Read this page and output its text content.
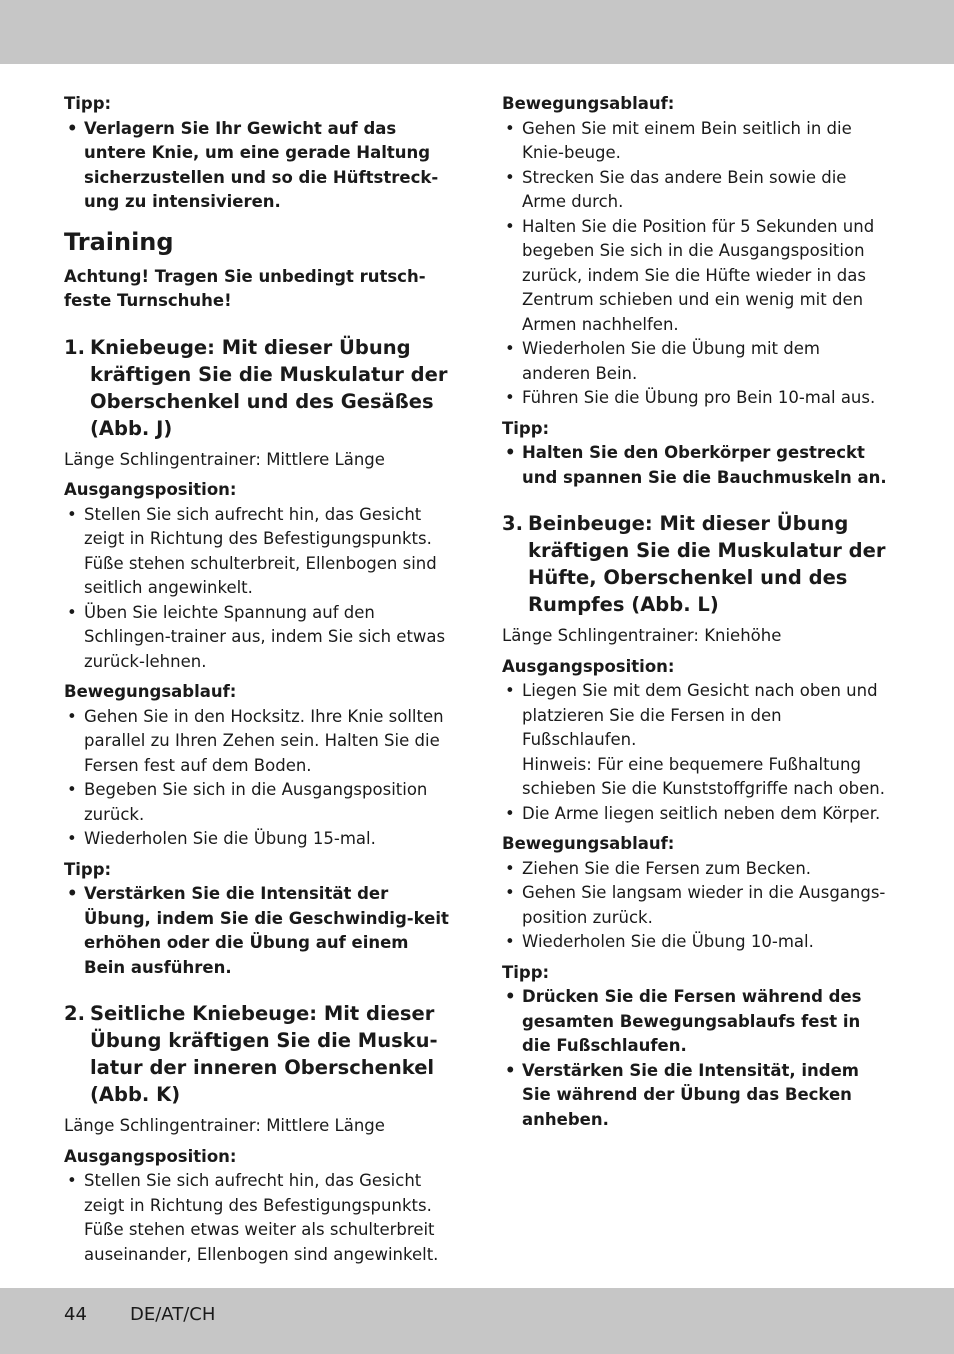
Tipp:

• Verlagern Sie Ihr Gewicht auf das untere Knie, um eine gerade Haltung sicherzustellen und so die Hüftstreck-ung zu intensivieren.
Training

Achtung! Tragen Sie unbedingt rutsch-feste Turnschuhe!

1. Kniebeuge: Mit dieser Übung kräftigen Sie die Muskulatur der Oberschenkel und des Gesäßes (Abb. J)

Länge Schlingentrainer: Mittlere Länge

Ausgangsposition:

• Stellen Sie sich aufrecht hin, das Gesicht zeigt in Richtung des Befestigungspunkts.
Füße stehen schulterbreit, Ellenbogen sind seitlich angewinkelt.
• Üben Sie leichte Spannung auf den Schlingen-trainer aus, indem Sie sich etwas zurück-lehnen.

Bewegungsablauf:

• Gehen Sie in den Hocksitz. Ihre Knie sollten parallel zu Ihren Zehen sein. Halten Sie die Fersen fest auf dem Boden.
• Begeben Sie sich in die Ausgangsposition zurück.
• Wiederholen Sie die Übung 15-mal.

Tipp:

• Verstärken Sie die Intensität der Übung, indem Sie die Geschwindig-keit erhöhen oder die Übung auf einem Bein ausführen.
2. Seitliche Kniebeuge: Mit dieser Übung kräftigen Sie die Musku-latur der inneren Oberschenkel (Abb. K)

Länge Schlingentrainer: Mittlere Länge

Ausgangsposition:

• Stellen Sie sich aufrecht hin, das Gesicht zeigt in Richtung des Befestigungspunkts.
Füße stehen etwas weiter als schulterbreit auseinander, Ellenbogen sind angewinkelt.

Bewegungsablauf:

• Gehen Sie mit einem Bein seitlich in die Knie-beuge.
• Strecken Sie das andere Bein sowie die Arme durch.
• Halten Sie die Position für 5 Sekunden und begeben Sie sich in die Ausgangsposition zurück, indem Sie die Hüfte wieder in das Zentrum schieben und ein wenig mit den Armen nachhelfen.
• Wiederholen Sie die Übung mit dem anderen Bein.
• Führen Sie die Übung pro Bein 10-mal aus.

Tipp:

• Halten Sie den Oberkörper gestreckt und spannen Sie die Bauchmuskeln an.
3. Beinbeuge: Mit dieser Übung kräftigen Sie die Muskulatur der Hüfte, Oberschenkel und des Rumpfes (Abb. L)

Länge Schlingentrainer: Kniehöhe

Ausgangsposition:

• Liegen Sie mit dem Gesicht nach oben und platzieren Sie die Fersen in den Fußschlaufen.
Hinweis: Für eine bequemere Fußhaltung schieben Sie die Kunststoffgriffe nach oben.
• Die Arme liegen seitlich neben dem Körper.

Bewegungsablauf:

• Ziehen Sie die Fersen zum Becken.
• Gehen Sie langsam wieder in die Ausgangs-position zurück.
• Wiederholen Sie die Übung 10-mal.

Tipp:

• Drücken Sie die Fersen während des gesamten Bewegungsablaufs fest in die Fußschlaufen.
• Verstärken Sie die Intensität, indem Sie während der Übung das Becken anheben.
44 DE/AT/CH
